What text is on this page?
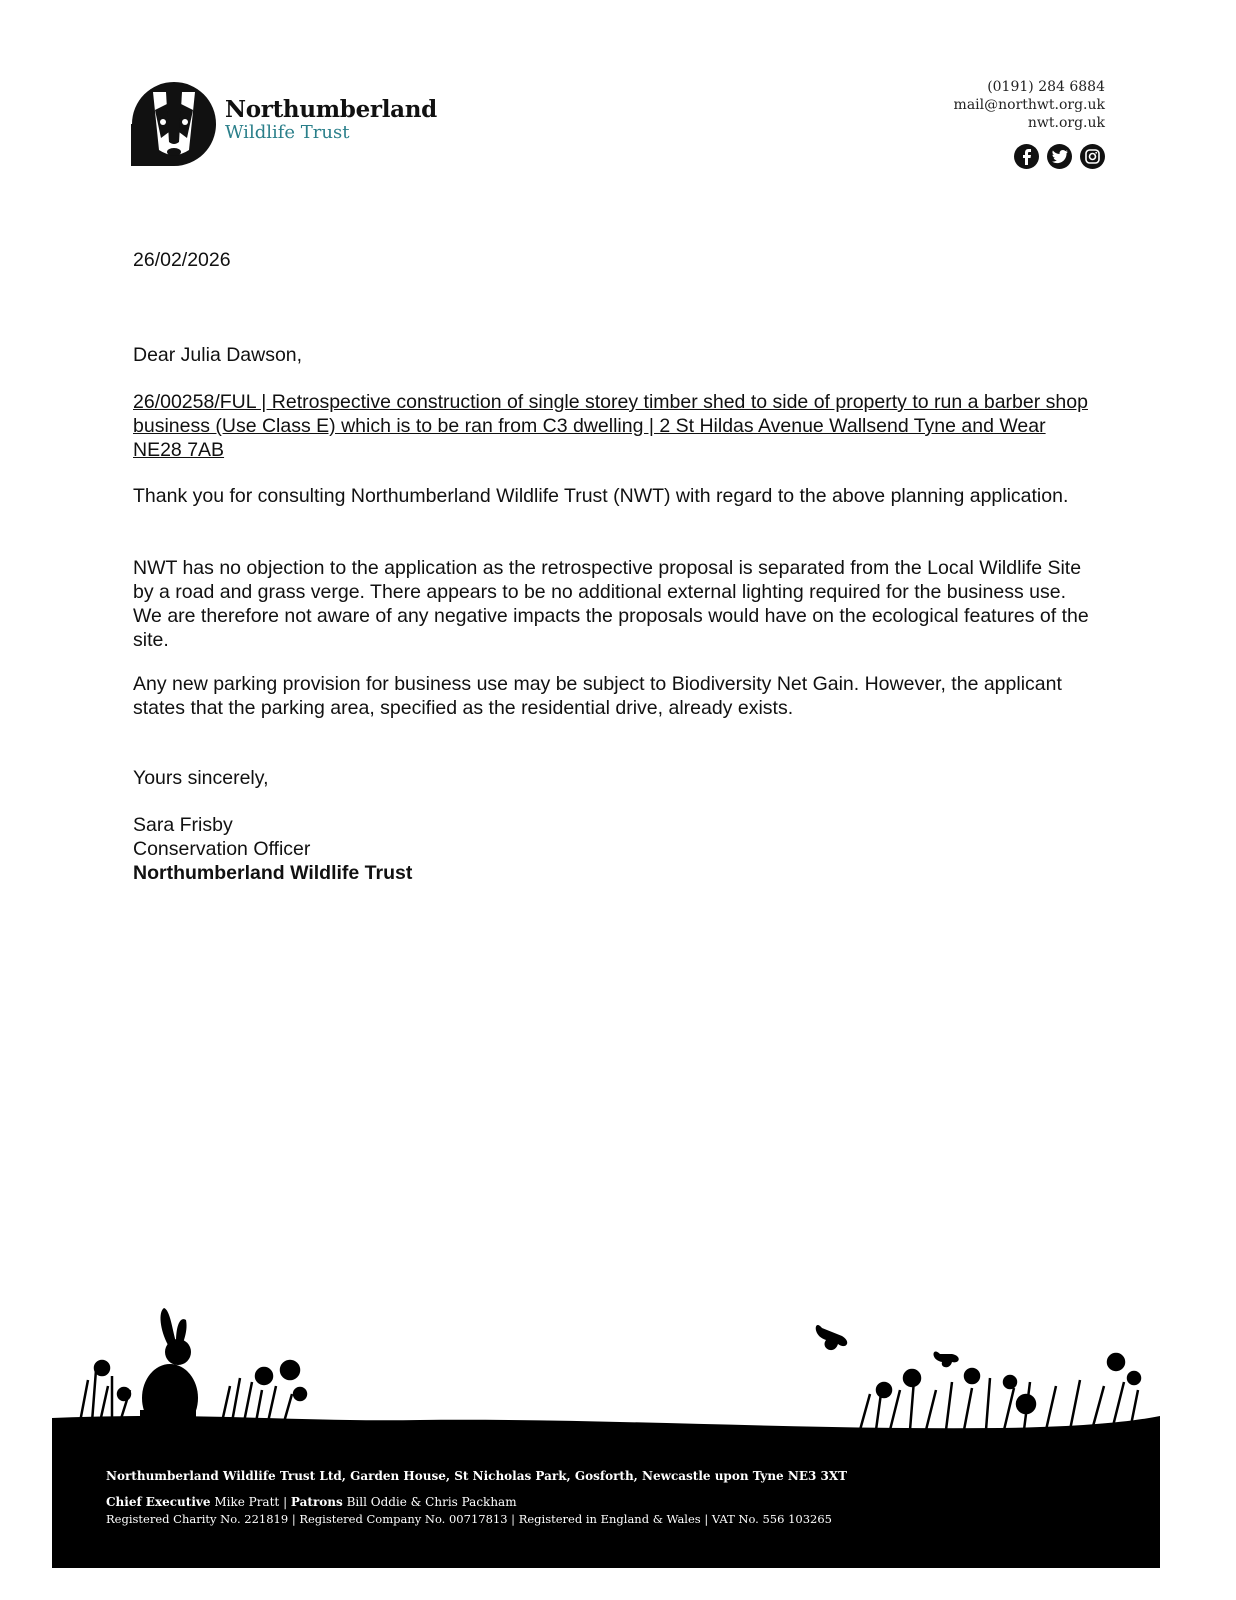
Northumberland
Wildlife Trust
(0191) 284 6884
mail@northwt.org.uk
nwt.org.uk
26/02/2026
Dear Julia Dawson,
26/00258/FUL | Retrospective construction of single storey timber shed to side of property to run a barber shop business (Use Class E) which is to be ran from C3 dwelling | 2 St Hildas Avenue Wallsend Tyne and Wear NE28 7AB
Thank you for consulting Northumberland Wildlife Trust (NWT) with regard to the above planning application.
NWT has no objection to the application as the retrospective proposal is separated from the Local Wildlife Site by a road and grass verge. There appears to be no additional external lighting required for the business use. We are therefore not aware of any negative impacts the proposals would have on the ecological features of the site.
Any new parking provision for business use may be subject to Biodiversity Net Gain. However, the applicant states that the parking area, specified as the residential drive, already exists.
Yours sincerely,
Sara Frisby
Conservation Officer
Northumberland Wildlife Trust
Northumberland Wildlife Trust Ltd, Garden House, St Nicholas Park, Gosforth, Newcastle upon Tyne NE3 3XT
Chief Executive Mike Pratt | Patrons Bill Oddie & Chris Packham
Registered Charity No. 221819 | Registered Company No. 00717813 | Registered in England & Wales | VAT No. 556 103265
